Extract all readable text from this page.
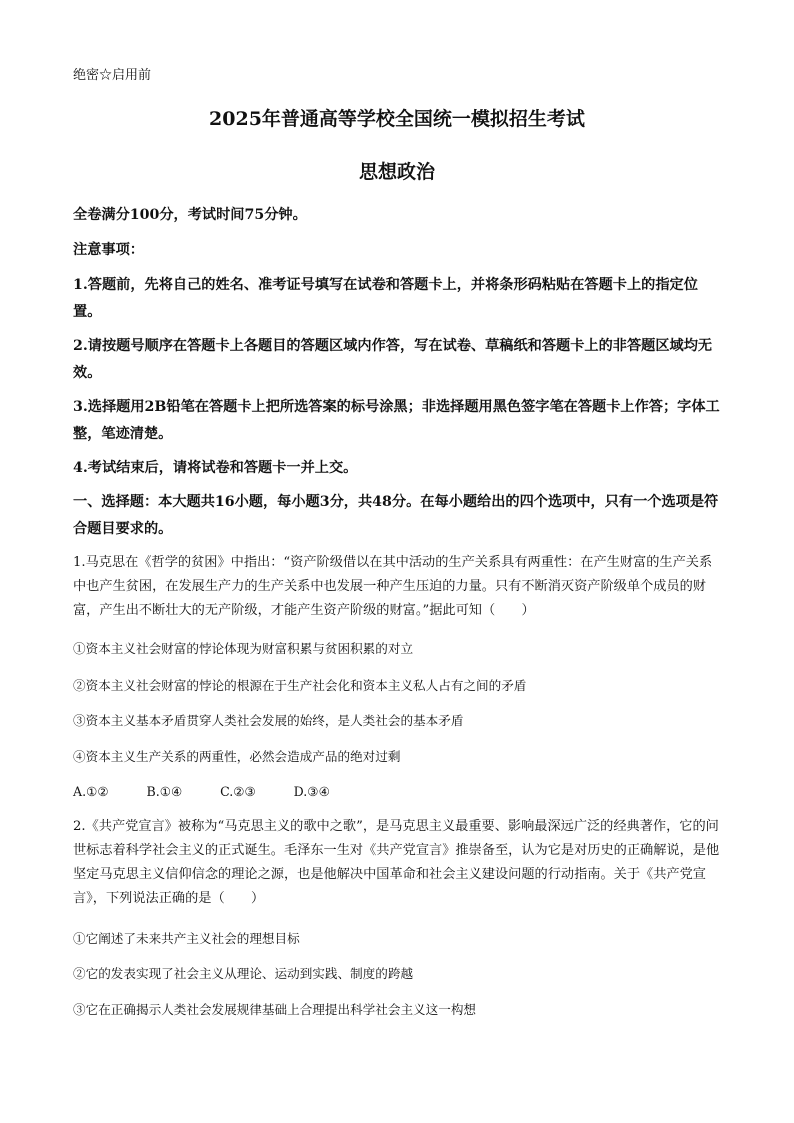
绝密☆启用前
2025年普通高等学校全国统一模拟招生考试
思想政治
全卷满分100分，考试时间75分钟。
注意事项：
1.答题前，先将自己的姓名、准考证号填写在试卷和答题卡上，并将条形码粘贴在答题卡上的指定位置。
2.请按题号顺序在答题卡上各题目的答题区域内作答，写在试卷、草稿纸和答题卡上的非答题区域均无效。
3.选择题用2B铅笔在答题卡上把所选答案的标号涂黑；非选择题用黑色签字笔在答题卡上作答；字体工整，笔迹清楚。
4.考试结束后，请将试卷和答题卡一并上交。
一、选择题：本大题共16小题，每小题3分，共48分。在每小题给出的四个选项中，只有一个选项是符合题目要求的。
1.马克思在《哲学的贫困》中指出：“资产阶级借以在其中活动的生产关系具有两重性：在产生财富的生产关系中也产生贫困，在发展生产力的生产关系中也发展一种产生压迫的力量。只有不断消灭资产阶级单个成员的财富，产生出不断壮大的无产阶级，才能产生资产阶级的财富。”据此可知（　　）
①资本主义社会财富的悖论体现为财富积累与贫困积累的对立
②资本主义社会财富的悖论的根源在于生产社会化和资本主义私人占有之间的矛盾
③资本主义基本矛盾贯穿人类社会发展的始终，是人类社会的基本矛盾
④资本主义生产关系的两重性，必然会造成产品的绝对过剩
A.①②　　　B.①④　　　C.②③　　　D.③④
2.《共产党宣言》被称为“马克思主义的歌中之歌”，是马克思主义最重要、影响最深远广泛的经典著作，它的问世标志着科学社会主义的正式诞生。毛泽东一生对《共产党宣言》推崇备至，认为它是对历史的正确解说，是他坚定马克思主义信仰信念的理论之源，也是他解决中国革命和社会主义建设问题的行动指南。关于《共产党宣言》，下列说法正确的是（　　）
①它阐述了未来共产主义社会的理想目标
②它的发表实现了社会主义从理论、运动到实践、制度的跨越
③它在正确揭示人类社会发展规律基础上合理提出科学社会主义这一构想
